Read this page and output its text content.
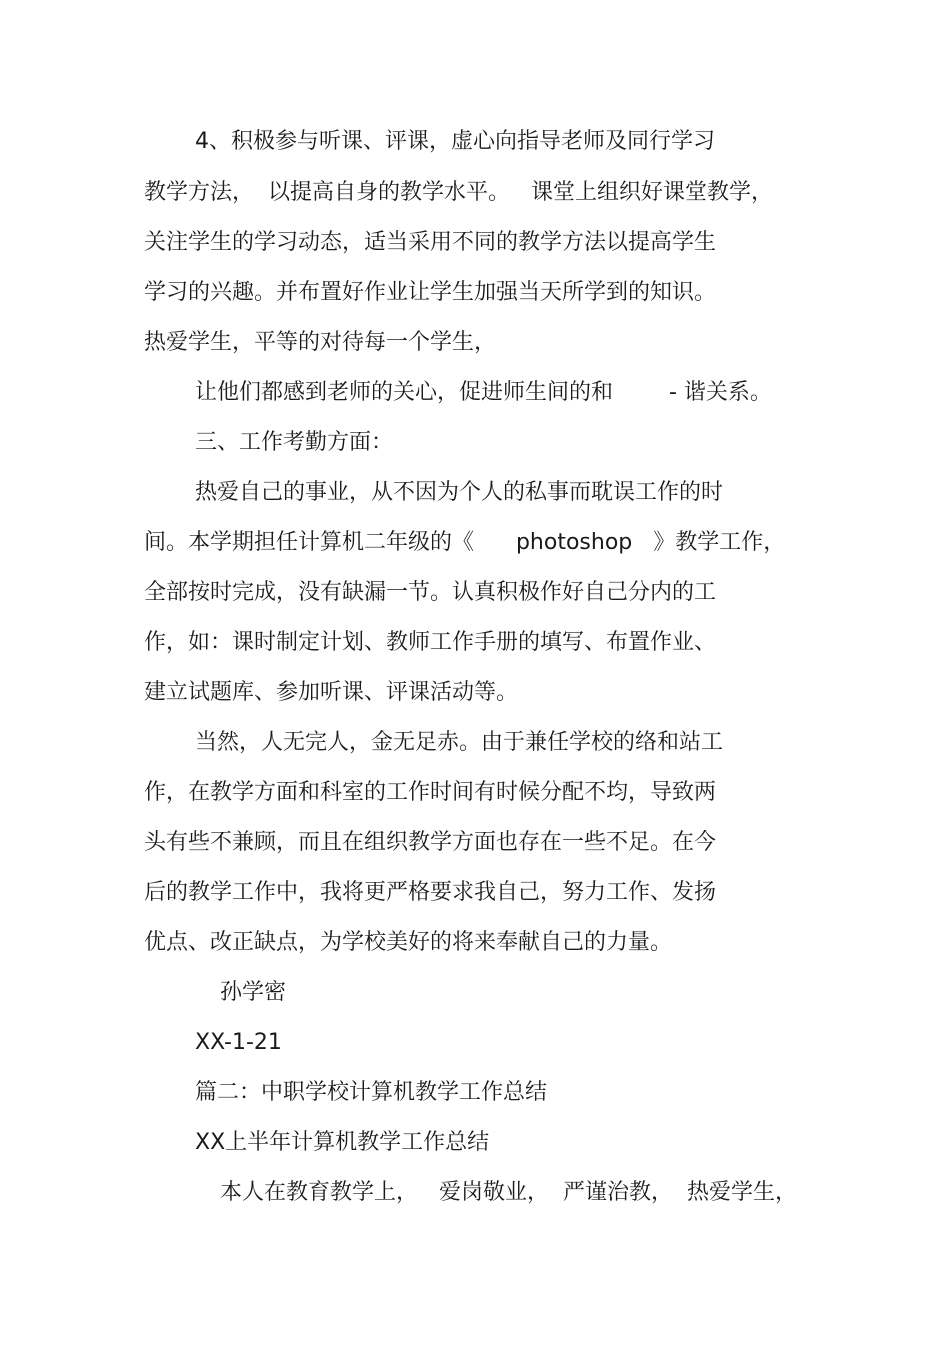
4、积极参与听课、评课，虚心向指导老师及同行学习
教学方法，  以提高自身的教学水平。   课堂上组织好课堂教学，
关注学生的学习动态，适当采用不同的教学方法以提高学生
学习的兴趣。并布置好作业让学生加强当天所学到的知识。
热爱学生，平等的对待每一个学生，
让他们都感到老师的关心，促进师生间的和        - 谐关系。
三、工作考勤方面：
热爱自己的事业，从不因为个人的私事而耽误工作的时
间。本学期担任计算机二年级的《      photoshop   》教学工作，
全部按时完成，没有缺漏一节。认真积极作好自己分内的工
作，如：课时制定计划、教师工作手册的填写、布置作业、
建立试题库、参加听课、评课活动等。
当然，人无完人，金无足赤。由于兼任学校的络和站工
作，在教学方面和科室的工作时间有时候分配不均，导致两
头有些不兼顾，而且在组织教学方面也存在一些不足。在今
后的教学工作中，我将更严格要求我自己，努力工作、发扬
优点、改正缺点，为学校美好的将来奉献自己的力量。
孙学密
XX-1-21
篇二：中职学校计算机教学工作总结
XX上半年计算机教学工作总结
本人在教育教学上，   爱岗敬业，  严谨治教，  热爱学生，
